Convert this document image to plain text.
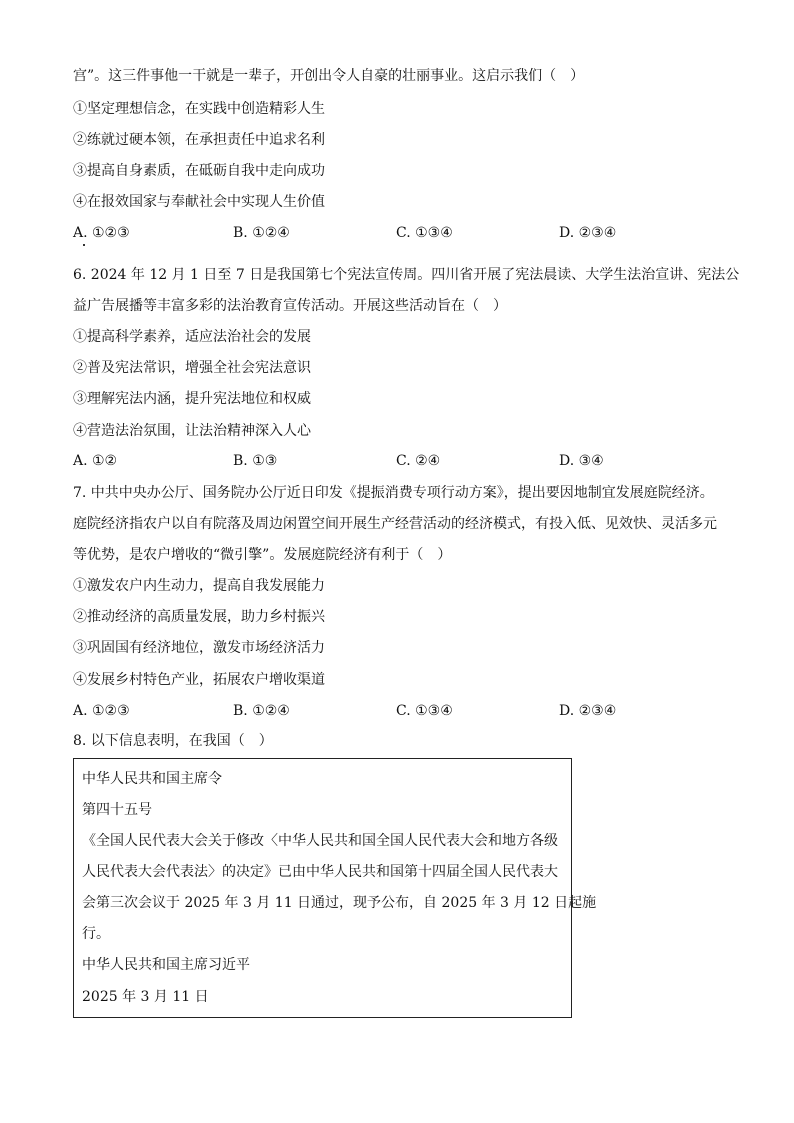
宫”。这三件事他一干就是一辈子，开创出令人自豪的壮丽事业。这启示我们（　）
①坚定理想信念，在实践中创造精彩人生
②练就过硬本领，在承担责任中追求名利
③提高自身素质，在砥砺自我中走向成功
④在报效国家与奉献社会中实现人生价值
A. ①②③	B. ①②④	C. ①③④	D. ②③④
6. 2024 年 12 月 1 日至 7 日是我国第七个宪法宣传周。四川省开展了宪法晨读、大学生法治宣讲、宪法公
益广告展播等丰富多彩的法治教育宣传活动。开展这些活动旨在（　）
①提高科学素养，适应法治社会的发展
②普及宪法常识，增强全社会宪法意识
③理解宪法内涵，提升宪法地位和权威
④营造法治氛围，让法治精神深入人心
A. ①②	B. ①③	C. ②④	D. ③④
7. 中共中央办公厅、国务院办公厅近日印发《提振消费专项行动方案》，提出要因地制宜发展庭院经济。
庭院经济指农户以自有院落及周边闲置空间开展生产经营活动的经济模式，有投入低、见效快、灵活多元
等优势，是农户增收的“微引擎”。发展庭院经济有利于（　）
①激发农户内生动力，提高自我发展能力
②推动经济的高质量发展，助力乡村振兴
③巩固国有经济地位，激发市场经济活力
④发展乡村特色产业，拓展农户增收渠道
A. ①②③	B. ①②④	C. ①③④	D. ②③④
8. 以下信息表明，在我国（　）
中华人民共和国主席令
第四十五号
《全国人民代表大会关于修改〈中华人民共和国全国人民代表大会和地方各级
人民代表大会代表法〉的决定》已由中华人民共和国第十四届全国人民代表大
会第三次会议于 2025 年 3 月 11 日通过，现予公布，自 2025 年 3 月 12 日起施
行。
中华人民共和国主席习近平
2025 年 3 月 11 日
